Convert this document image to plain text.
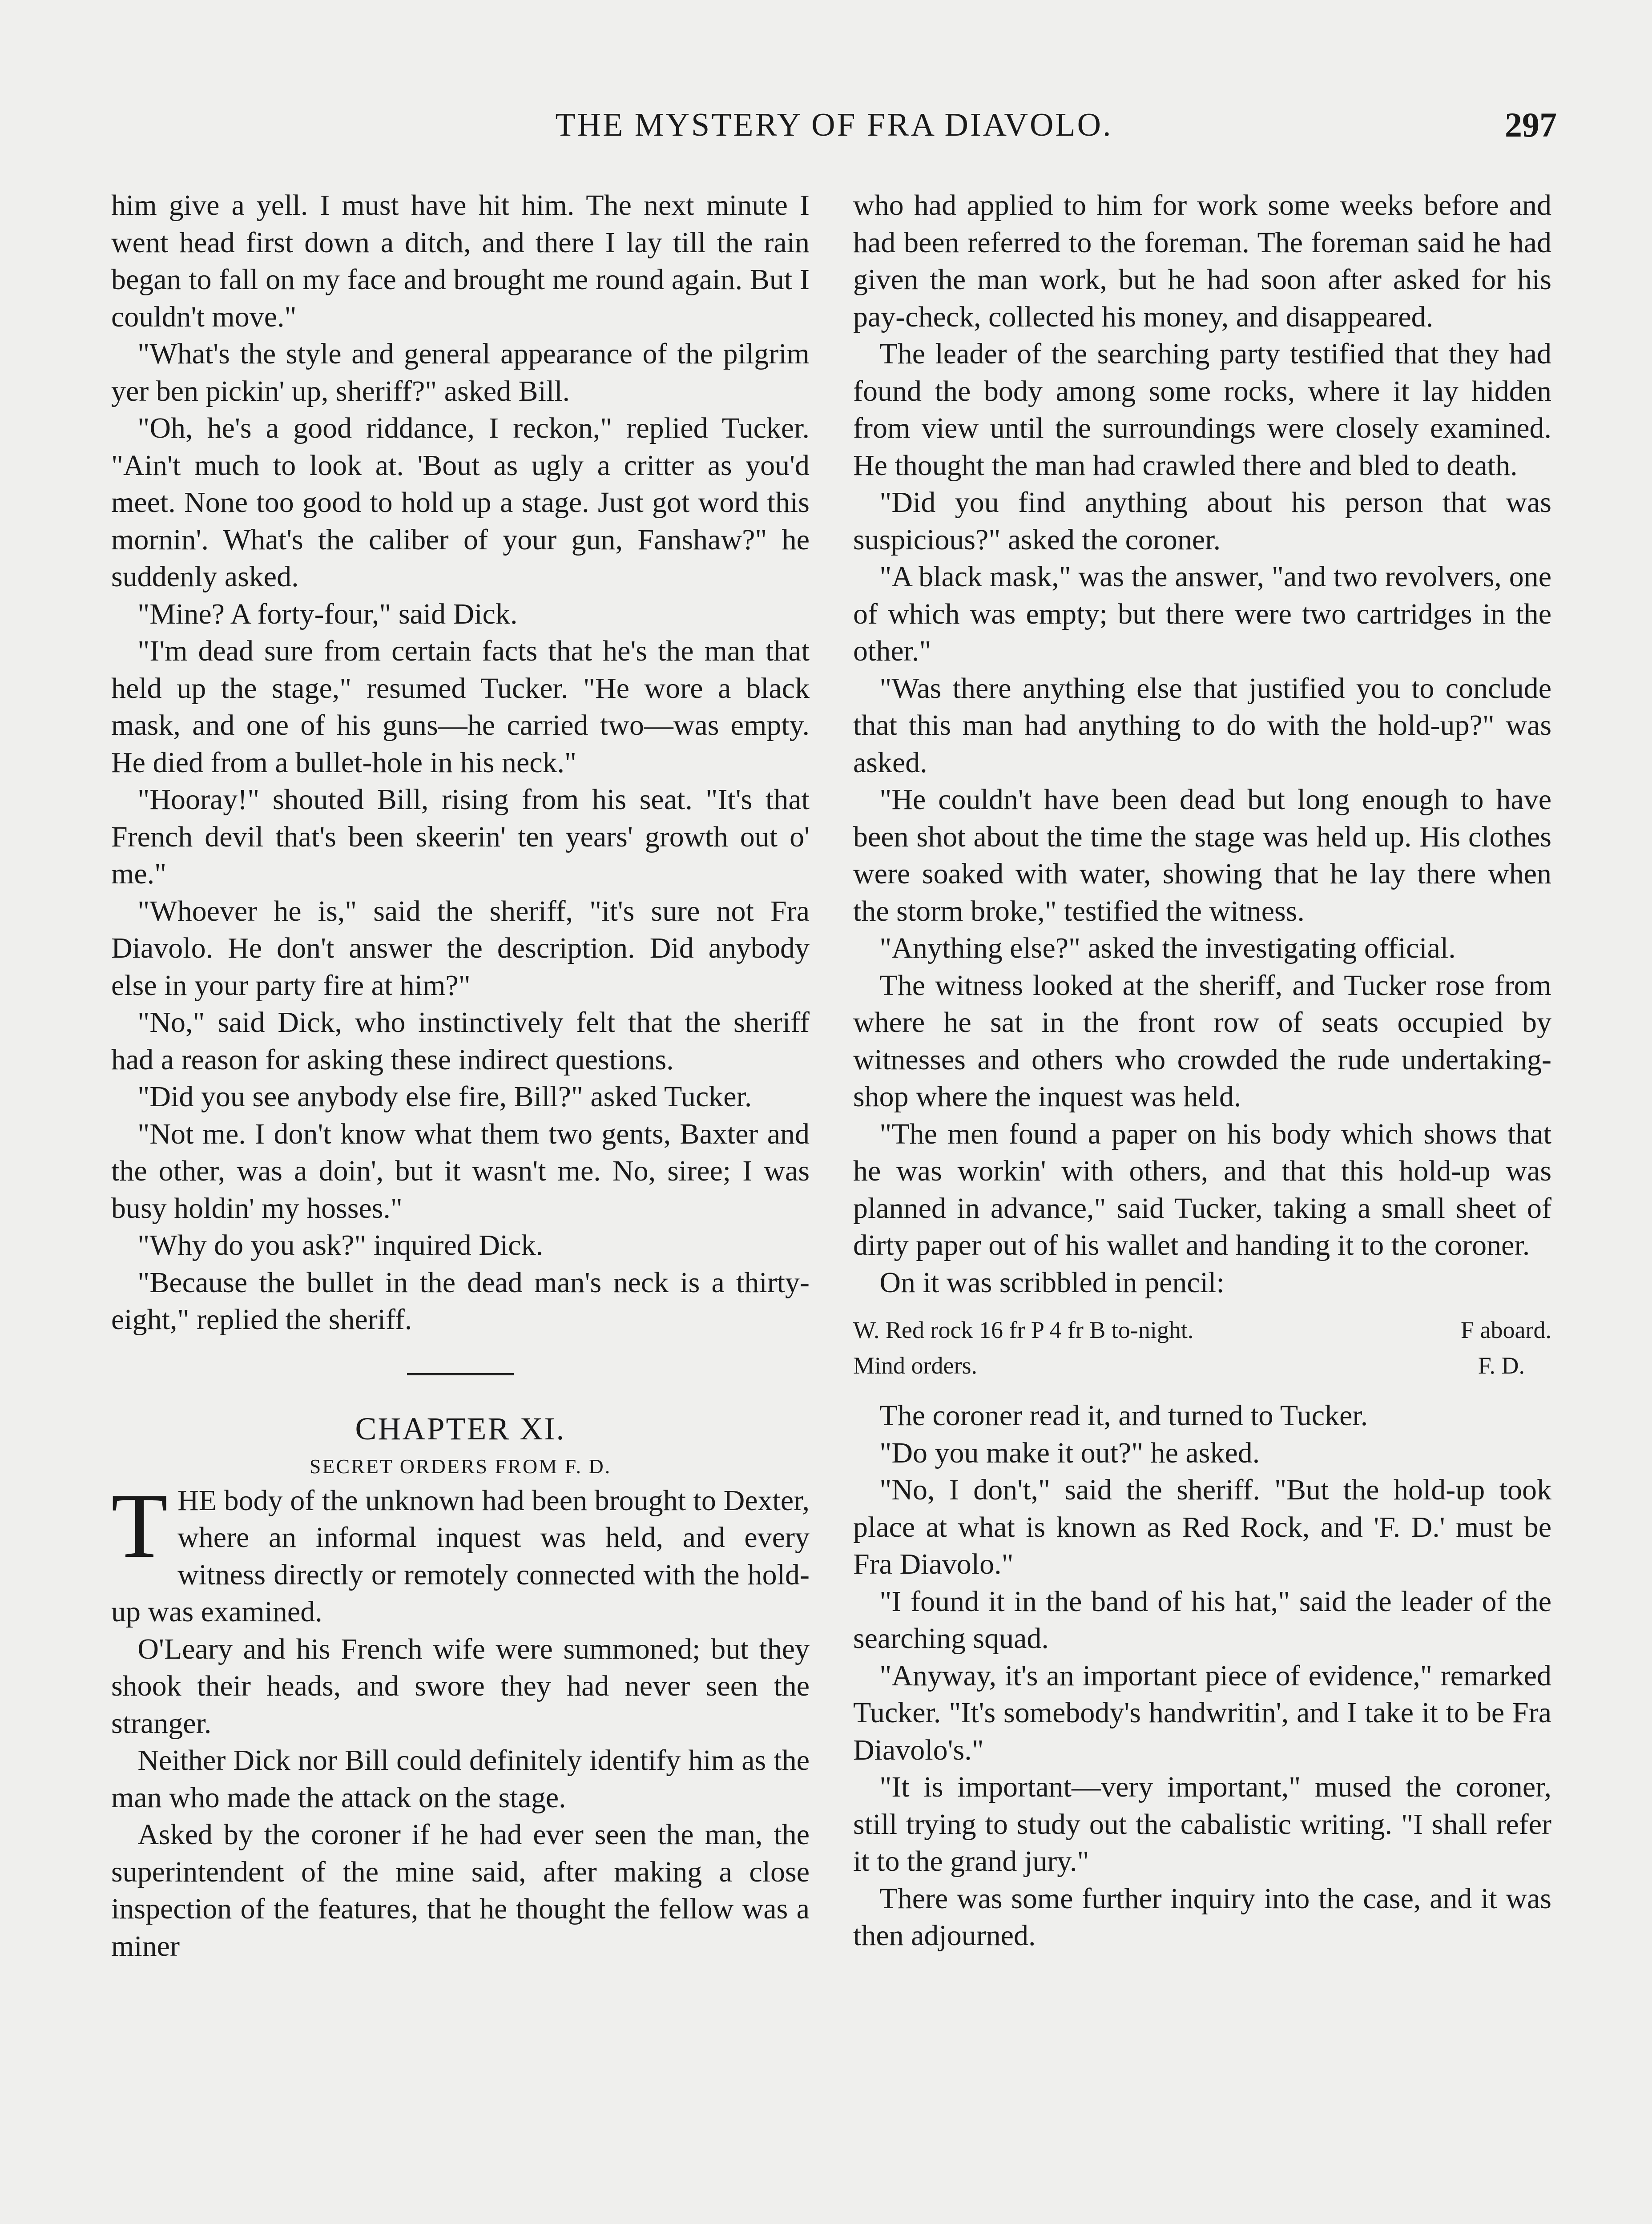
THE MYSTERY OF FRA DIAVOLO.	297

him give a yell. I must have hit him. The next minute I went head first down a ditch, and there I lay till the rain began to fall on my face and brought me round again. But I couldn't move."

"What's the style and general appearance of the pilgrim yer ben pickin' up, sheriff?" asked Bill.

"Oh, he's a good riddance, I reckon," replied Tucker. "Ain't much to look at. 'Bout as ugly a critter as you'd meet. None too good to hold up a stage. Just got word this mornin'. What's the caliber of your gun, Fanshaw?" he suddenly asked.

"Mine? A forty-four," said Dick.

"I'm dead sure from certain facts that he's the man that held up the stage," resumed Tucker. "He wore a black mask, and one of his guns—he carried two—was empty. He died from a bullet-hole in his neck."

"Hooray!" shouted Bill, rising from his seat. "It's that French devil that's been skeerin' ten years' growth out o' me."

"Whoever he is," said the sheriff, "it's sure not Fra Diavolo. He don't answer the description. Did anybody else in your party fire at him?"

"No," said Dick, who instinctively felt that the sheriff had a reason for asking these indirect questions.

"Did you see anybody else fire, Bill?" asked Tucker.

"Not me. I don't know what them two gents, Baxter and the other, was a doin', but it wasn't me. No, siree; I was busy holdin' my hosses."

"Why do you ask?" inquired Dick.

"Because the bullet in the dead man's neck is a thirty-eight," replied the sheriff.

CHAPTER XI.

SECRET ORDERS FROM F. D.

THE body of the unknown had been brought to Dexter, where an informal inquest was held, and every witness directly or remotely connected with the hold-up was examined.

O'Leary and his French wife were summoned; but they shook their heads, and swore they had never seen the stranger.

Neither Dick nor Bill could definitely identify him as the man who made the attack on the stage.

Asked by the coroner if he had ever seen the man, the superintendent of the mine said, after making a close inspection of the features, that he thought the fellow was a miner

who had applied to him for work some weeks before and had been referred to the foreman. The foreman said he had given the man work, but he had soon after asked for his pay-check, collected his money, and disappeared.

The leader of the searching party testified that they had found the body among some rocks, where it lay hidden from view until the surroundings were closely examined. He thought the man had crawled there and bled to death.

"Did you find anything about his person that was suspicious?" asked the coroner.

"A black mask," was the answer, "and two revolvers, one of which was empty; but there were two cartridges in the other."

"Was there anything else that justified you to conclude that this man had anything to do with the hold-up?" was asked.

"He couldn't have been dead but long enough to have been shot about the time the stage was held up. His clothes were soaked with water, showing that he lay there when the storm broke," testified the witness.

"Anything else?" asked the investigating official.

The witness looked at the sheriff, and Tucker rose from where he sat in the front row of seats occupied by witnesses and others who crowded the rude undertaking-shop where the inquest was held.

"The men found a paper on his body which shows that he was workin' with others, and that this hold-up was planned in advance," said Tucker, taking a small sheet of dirty paper out of his wallet and handing it to the coroner.

On it was scribbled in pencil:

W. Red rock 16 fr P 4 fr B to-night.	F aboard.
Mind orders.	F. D.

The coroner read it, and turned to Tucker.

"Do you make it out?" he asked.

"No, I don't," said the sheriff. "But the hold-up took place at what is known as Red Rock, and 'F. D.' must be Fra Diavolo."

"I found it in the band of his hat," said the leader of the searching squad.

"Anyway, it's an important piece of evidence," remarked Tucker. "It's somebody's handwritin', and I take it to be Fra Diavolo's."

"It is important—very important," mused the coroner, still trying to study out the cabalistic writing. "I shall refer it to the grand jury."

There was some further inquiry into the case, and it was then adjourned.
